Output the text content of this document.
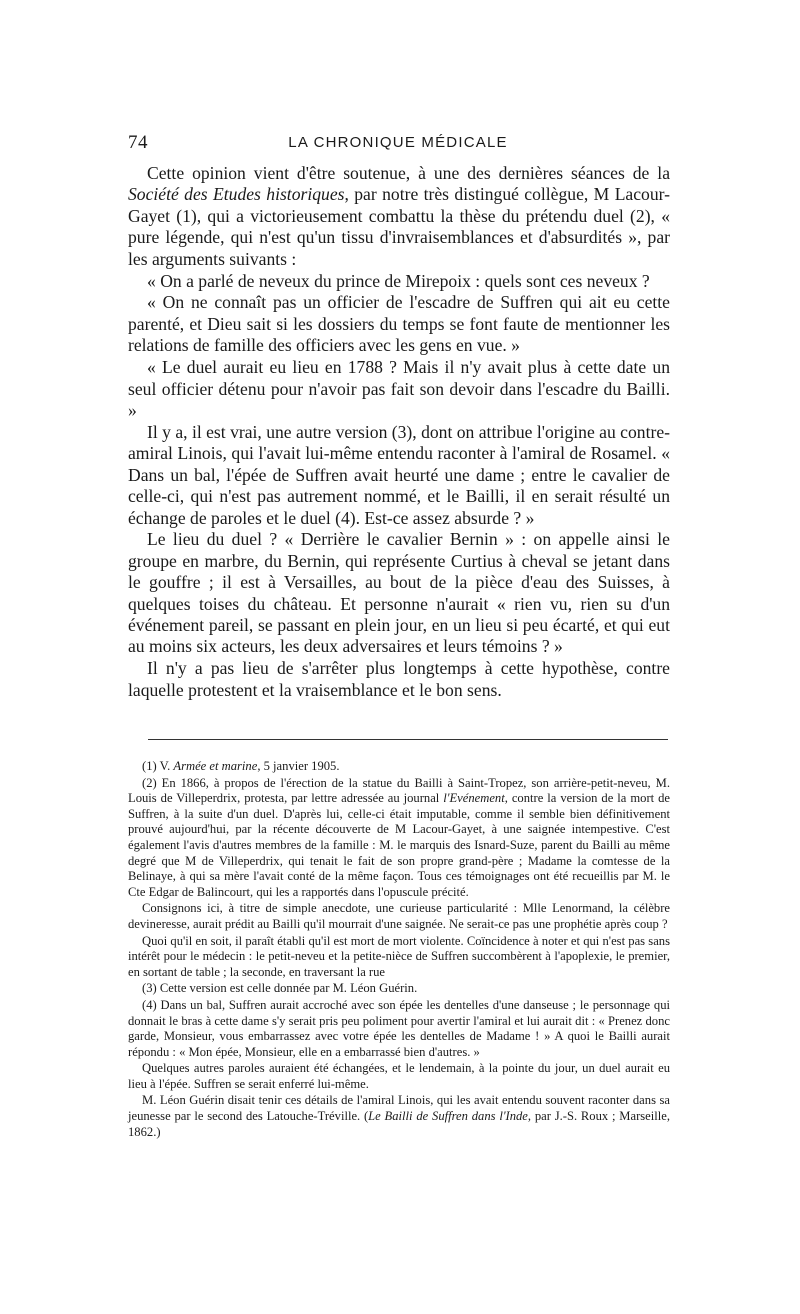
74	LA CHRONIQUE MÉDICALE

Cette opinion vient d'être soutenue, à une des dernières séances de la Société des Etudes historiques, par notre très distingué collègue, M Lacour-Gayet (1), qui a victorieusement combattu la thèse du prétendu duel (2), « pure légende, qui n'est qu'un tissu d'invraisemblances et d'absurdités », par les arguments suivants :

« On a parlé de neveux du prince de Mirepoix : quels sont ces neveux ?

« On ne connaît pas un officier de l'escadre de Suffren qui ait eu cette parenté, et Dieu sait si les dossiers du temps se font faute de mentionner les relations de famille des officiers avec les gens en vue. »

« Le duel aurait eu lieu en 1788 ? Mais il n'y avait plus à cette date un seul officier détenu pour n'avoir pas fait son devoir dans l'escadre du Bailli. »

Il y a, il est vrai, une autre version (3), dont on attribue l'origine au contre-amiral Linois, qui l'avait lui-même entendu raconter à l'amiral de Rosamel. « Dans un bal, l'épée de Suffren avait heurté une dame ; entre le cavalier de celle-ci, qui n'est pas autrement nommé, et le Bailli, il en serait résulté un échange de paroles et le duel (4). Est-ce assez absurde ? »

Le lieu du duel ? « Derrière le cavalier Bernin » : on appelle ainsi le groupe en marbre, du Bernin, qui représente Curtius à cheval se jetant dans le gouffre ; il est à Versailles, au bout de la pièce d'eau des Suisses, à quelques toises du château. Et personne n'aurait « rien vu, rien su d'un événement pareil, se passant en plein jour, en un lieu si peu écarté, et qui eut au moins six acteurs, les deux adversaires et leurs témoins ? »

Il n'y a pas lieu de s'arrêter plus longtemps à cette hypothèse, contre laquelle protestent et la vraisemblance et le bon sens.

(1) V. Armée et marine, 5 janvier 1905.

(2) En 1866, à propos de l'érection de la statue du Bailli à Saint-Tropez, son arrière-petit-neveu, M. Louis de Villeperdrix, protesta, par lettre adressée au journal l'Evénement, contre la version de la mort de Suffren, à la suite d'un duel. D'après lui, celle-ci était imputable, comme il semble bien définitivement prouvé aujourd'hui, par la récente découverte de M Lacour-Gayet, à une saignée intempestive. C'est également l'avis d'autres membres de la famille : M. le marquis des Isnard-Suze, parent du Bailli au même degré que M de Villeperdrix, qui tenait le fait de son propre grand-père ; Madame la comtesse de la Belinaye, à qui sa mère l'avait conté de la même façon. Tous ces témoignages ont été recueillis par M. le Cte Edgar de Balincourt, qui les a rapportés dans l'opuscule précité.

Consignons ici, à titre de simple anecdote, une curieuse particularité : Mlle Lenormand, la célèbre devineresse, aurait prédit au Bailli qu'il mourrait d'une saignée. Ne serait-ce pas une prophétie après coup ?

Quoi qu'il en soit, il paraît établi qu'il est mort de mort violente. Coïncidence à noter et qui n'est pas sans intérêt pour le médecin : le petit-neveu et la petite-nièce de Suffren succombèrent à l'apoplexie, le premier, en sortant de table ; la seconde, en traversant la rue

(3) Cette version est celle donnée par M. Léon Guérin.

(4) Dans un bal, Suffren aurait accroché avec son épée les dentelles d'une danseuse ; le personnage qui donnait le bras à cette dame s'y serait pris peu poliment pour avertir l'amiral et lui aurait dit : « Prenez donc garde, Monsieur, vous embarrassez avec votre épée les dentelles de Madame ! » A quoi le Bailli aurait répondu : « Mon épée, Monsieur, elle en a embarrassé bien d'autres. »

Quelques autres paroles auraient été échangées, et le lendemain, à la pointe du jour, un duel aurait eu lieu à l'épée. Suffren se serait enferré lui-même.

M. Léon Guérin disait tenir ces détails de l'amiral Linois, qui les avait entendu souvent raconter dans sa jeunesse par le second des Latouche-Tréville. (Le Bailli de Suffren dans l'Inde, par J.-S. Roux ; Marseille, 1862.)
